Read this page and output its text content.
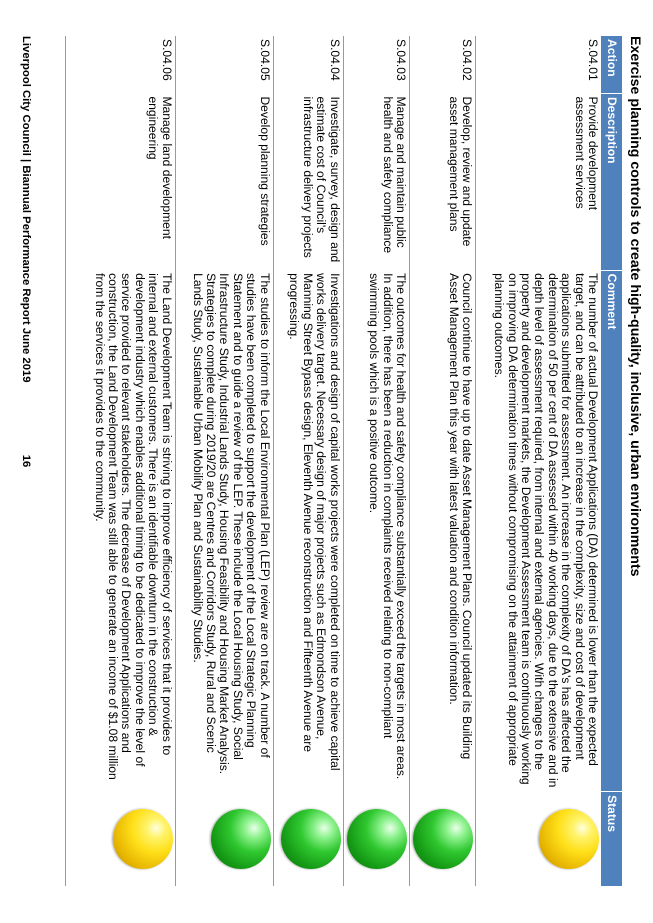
Exercise planning controls to create high-quality, inclusive, urban environments
Action	Description	Comment	Status
S.04.01	Provide development assessment services	The number of actual Development Applications (DA) determined is lower than the expected target, and can be attributed to an increase in the complexity, size and cost of development applications submitted for assessment. An increase in the complexity of DA's has affected the determination of 50 per cent of DA assessed within 40 working days, due to the extensive and in depth level of assessment required, from internal and external agencies. With changes to the property and development markets, the Development Assessment team is continuously working on improving DA determination times without compromising on the attainment of appropriate planning outcomes.	
S.04.02	Develop, review and update asset management plans	Council continue to have up to date Asset Management Plans. Council updated its Building Asset Management Plan this year with latest valuation and condition information.	
S.04.03	Manage and maintain public health and safety compliance	The outcomes for health and safety compliance substantially exceed the targets in most areas. In addition, there has been a reduction in complaints received relating to non-compliant swimming pools which is a positive outcome.	
S.04.04	Investigate, survey, design and estimate cost of Council's infrastructure delivery projects	Investigations and design of capital works projects were completed on time to achieve capital works delivery target. Necessary design of major projects such as Edmondson Avenue, Manning Street Bypass design, Eleventh Avenue reconstruction and Fifteenth Avenue are progressing.	
S.04.05	Develop planning strategies	The studies to inform the Local Environmental Plan (LEP) review are on track. A number of studies have been completed to support the development of the Local Strategic Planning Statement and to guide a review of the LEP. These include the Local Housing Study, Social Infrastructure Study, Industrial Lands Study, Housing Feasibility and Housing Market Analysis. Strategies to complete during 2019/20 are Centres and Corridors Study, Rural and Scenic Lands Study, Sustainable Urban Mobility Plan and Sustainability Studies.	
S.04.06	Manage land development engineering	The Land Development Team is striving to improve efficiency of services that it provides to internal and external customers. There is an identifiable downturn in the construction & development industry which enables additional timing to be dedicated to improve the level of service provided to relevant stakeholders. The decrease of Development Applications and construction, the Land Development Team was still able to generate an income of $1.08 million from the services it provides to the community.	
Liverpool City Council | Biannual Performance Report June 2019
16
